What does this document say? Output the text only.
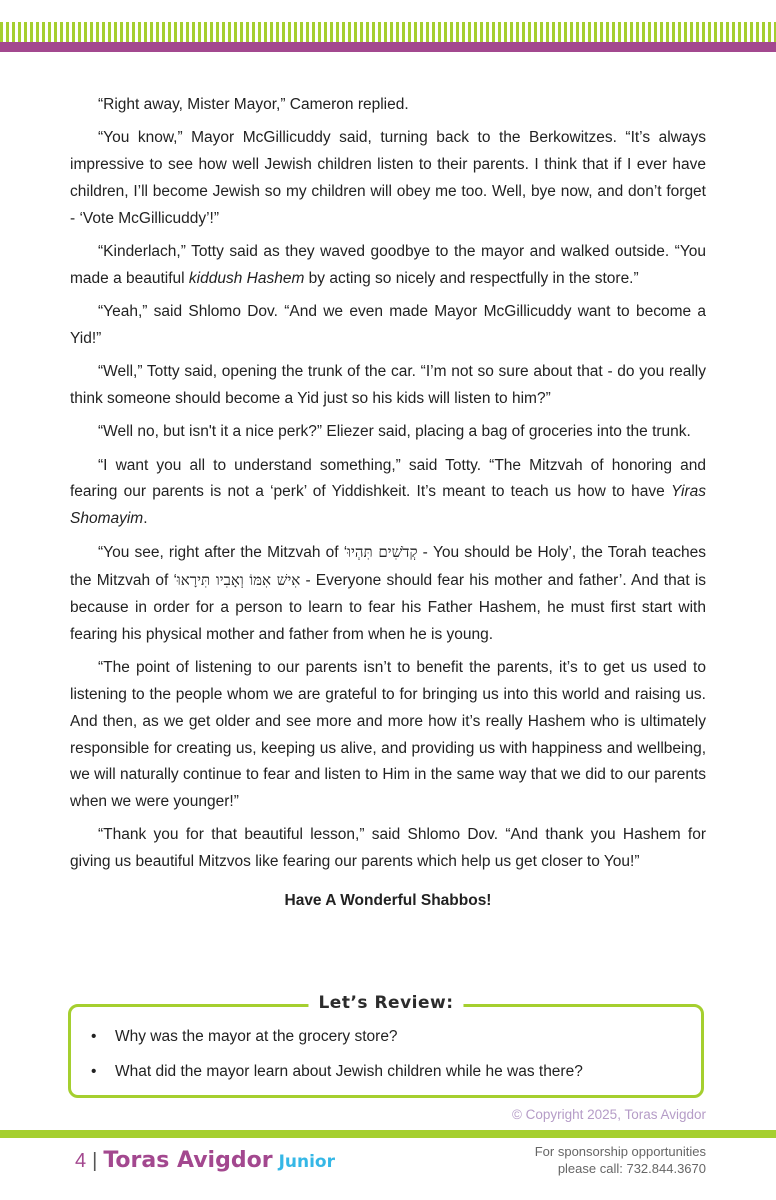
“Right away, Mister Mayor,” Cameron replied.

“You know,” Mayor McGillicuddy said, turning back to the Berkowitzes. “It’s always impressive to see how well Jewish children listen to their parents. I think that if I ever have children, I’ll become Jewish so my children will obey me too. Well, bye now, and don’t forget - ‘Vote McGillicuddy’!”

“Kinderlach,” Totty said as they waved goodbye to the mayor and walked outside. “You made a beautiful kiddush Hashem by acting so nicely and respectfully in the store.”

“Yeah,” said Shlomo Dov. “And we even made Mayor McGillicuddy want to become a Yid!”

“Well,” Totty said, opening the trunk of the car. “I’m not so sure about that - do you really think someone should become a Yid just so his kids will listen to him?”

“Well no, but isn't it a nice perk?” Eliezer said, placing a bag of groceries into the trunk.

“I want you all to understand something,” said Totty. “The Mitzvah of honoring and fearing our parents is not a ‘perk’ of Yiddishkeit. It’s meant to teach us how to have Yiras Shomayim.

“You see, right after the Mitzvah of ‘קְדֹשִׁים תִּהְיוּ - You should be Holy’, the Torah teaches the Mitzvah of ‘אִישׁ אִמּוֹ וְאָבִיו תִּירָאוּ - Everyone should fear his mother and father’. And that is because in order for a person to learn to fear his Father Hashem, he must first start with fearing his physical mother and father from when he is young.

“The point of listening to our parents isn’t to benefit the parents, it’s to get us used to listening to the people whom we are grateful to for bringing us into this world and raising us. And then, as we get older and see more and more how it’s really Hashem who is ultimately responsible for creating us, keeping us alive, and providing us with happiness and wellbeing, we will naturally continue to fear and listen to Him in the same way that we did to our parents when we were younger!”

“Thank you for that beautiful lesson,” said Shlomo Dov. “And thank you Hashem for giving us beautiful Mitzvos like fearing our parents which help us get closer to You!”

Have A Wonderful Shabbos!
Let’s Review:
• Why was the mayor at the grocery store?
• What did the mayor learn about Jewish children while he was there?
© Copyright 2025, Toras Avigdor
4 | Toras Avigdor Junior
For sponsorship opportunities
please call: 732.844.3670
